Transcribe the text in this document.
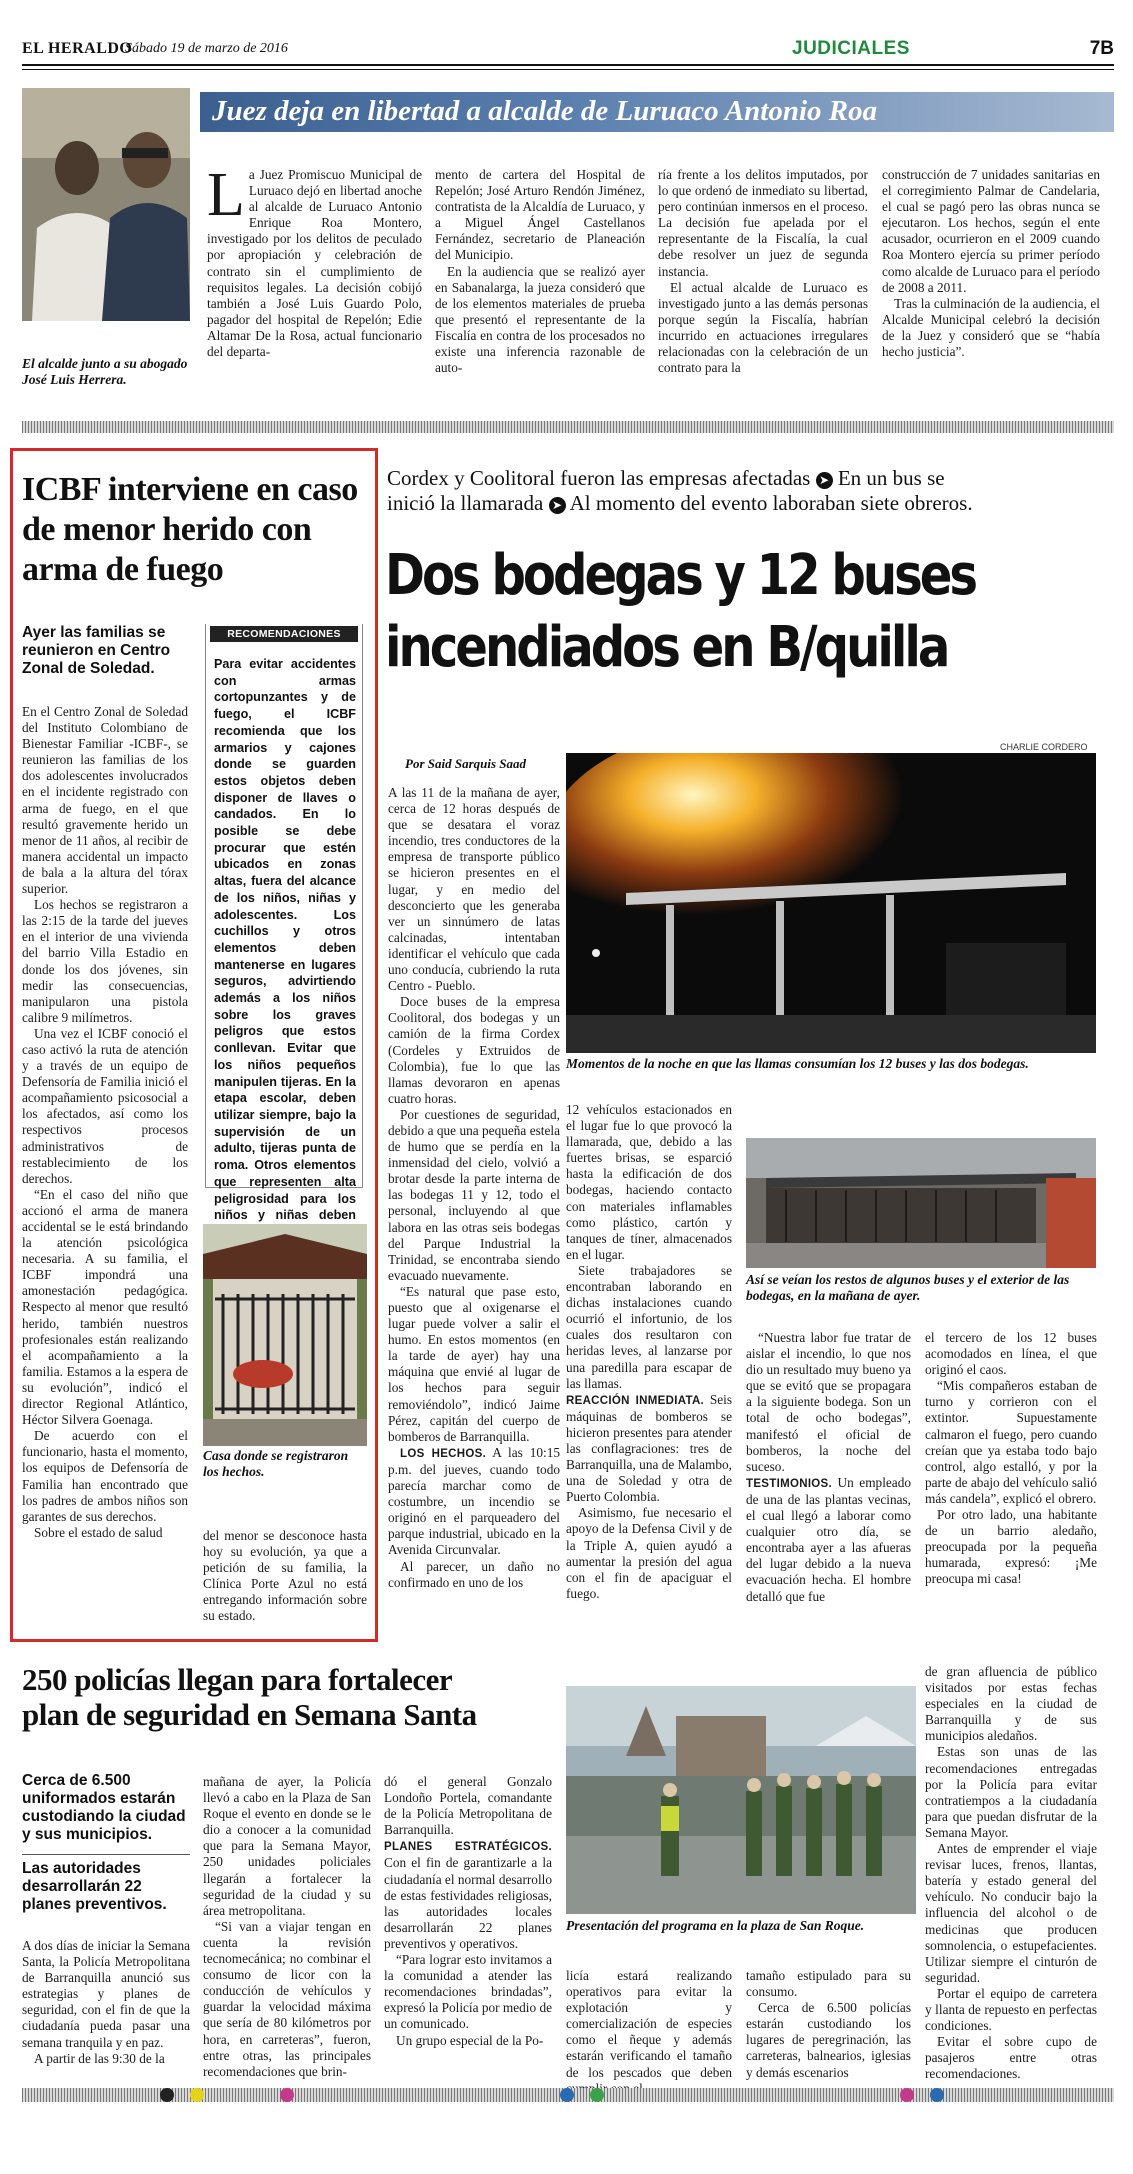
EL HERALDO
Sábado 19 de marzo de 2016	JUDICIALES	7B
El alcalde junto a su abogado José Luis Herrera.
Juez deja en libertad a alcalde de Luruaco Antonio Roa
L a Juez Promiscuo Municipal de Luruaco dejó en libertad anoche al alcalde de Luruaco Antonio Enrique Roa Montero, investigado por los delitos de peculado por apropiación y celebración de contrato sin el cumplimiento de requisitos legales. La decisión cobijó también a José Luis Guardo Polo, pagador del hospital de Repelón; Edie Altamar De la Rosa, actual funcionario del departa-

mento de cartera del Hospital de Repelón; José Arturo Rendón Jiménez, contratista de la Alcaldía de Luruaco, y a Miguel Ángel Castellanos Fernández, secretario de Planeación del Municipio.

En la audiencia que se realizó ayer en Sabanalarga, la jueza consideró que de los elementos materiales de prueba que presentó el representante de la Fiscalía en contra de los procesados no existe una inferencia razonable de auto-

ría frente a los delitos imputados, por lo que ordenó de inmediato su libertad, pero continúan inmersos en el proceso. La decisión fue apelada por el representante de la Fiscalía, la cual debe resolver un juez de segunda instancia.

El actual alcalde de Luruaco es investigado junto a las demás personas porque según la Fiscalía, habrían incurrido en actuaciones irregulares relacionadas con la celebración de un contrato para la

construcción de 7 unidades sanitarias en el corregimiento Palmar de Candelaria, el cual se pagó pero las obras nunca se ejecutaron. Los hechos, según el ente acusador, ocurrieron en el 2009 cuando Roa Montero ejercía su primer período como alcalde de Luruaco para el período de 2008 a 2011.

Tras la culminación de la audiencia, el Alcalde Municipal celebró la decisión de la Juez y consideró que se “había hecho justicia”.

ICBF interviene en caso de menor herido con arma de fuego
Ayer las familias se reunieron en Centro Zonal de Soledad.

En el Centro Zonal de Soledad del Instituto Colombiano de Bienestar Familiar -ICBF-, se reunieron las familias de los dos adolescentes involucrados en el incidente registrado con arma de fuego, en el que resultó gravemente herido un menor de 11 años, al recibir de manera accidental un impacto de bala a la altura del tórax superior.

Los hechos se registraron a las 2:15 de la tarde del jueves en el interior de una vivienda del barrio Villa Estadio en donde los dos jóvenes, sin medir las consecuencias, manipularon una pistola calibre 9 milímetros.

Una vez el ICBF conoció el caso activó la ruta de atención y a través de un equipo de Defensoría de Familia inició el acompañamiento psicosocial a los afectados, así como los respectivos procesos administrativos de restablecimiento de los derechos.

“En el caso del niño que accionó el arma de manera accidental se le está brindando la atención psicológica necesaria. A su familia, el ICBF impondrá una amonestación pedagógica. Respecto al menor que resultó herido, también nuestros profesionales están realizando el acompañamiento a la familia. Estamos a la espera de su evolución”, indicó el director Regional Atlántico, Héctor Silvera Goenaga.

De acuerdo con el funcionario, hasta el momento, los equipos de Defensoría de Familia han encontrado que los padres de ambos niños son garantes de sus derechos.

Sobre el estado de salud

RECOMENDACIONES
Para evitar accidentes con armas cortopunzantes y de fuego, el ICBF recomienda que los armarios y cajones donde se guarden estos objetos deben disponer de llaves o candados. En lo posible se debe procurar que estén ubicados en zonas altas, fuera del alcance de los niños, niñas y adolescentes. Los cuchillos y otros elementos deben mantenerse en lugares seguros, advirtiendo además a los niños sobre los graves peligros que estos conllevan. Evitar que los niños pequeños manipulen tijeras. En la etapa escolar, deben utilizar siempre, bajo la supervisión de un adulto, tijeras punta de roma. Otros elementos que representen alta peligrosidad para los niños y niñas deben
Casa donde se registraron los hechos.

del menor se desconoce hasta hoy su evolución, ya que a petición de su familia, la Clínica Porte Azul no está entregando información sobre su estado.

Cordex y Coolitoral fueron las empresas afectadas ➤ En un bus se
inició la llamarada ➤ Al momento del evento laboraban siete obreros.
Dos bodegas y 12 buses
incendiados en B/quilla
CHARLIE CORDERO
Por Said Sarquis Saad
Momentos de la noche en que las llamas consumían los 12 buses y las dos bodegas.

A las 11 de la mañana de ayer, cerca de 12 horas después de que se desatara el voraz incendio, tres conductores de la empresa de transporte público se hicieron presentes en el lugar, y en medio del desconcierto que les generaba ver un sinnúmero de latas calcinadas, intentaban identificar el vehículo que cada uno conducía, cubriendo la ruta Centro - Pueblo.

Doce buses de la empresa Coolitoral, dos bodegas y un camión de la firma Cordex (Cordeles y Extruidos de Colombia), fue lo que las llamas devoraron en apenas cuatro horas.

Por cuestiones de seguridad, debido a que una pequeña estela de humo que se perdía en la inmensidad del cielo, volvió a brotar desde la parte interna de las bodegas 11 y 12, todo el personal, incluyendo al que labora en las otras seis bodegas del Parque Industrial la Trinidad, se encontraba siendo evacuado nuevamente.

“Es natural que pase esto, puesto que al oxigenarse el lugar puede volver a salir el humo. En estos momentos (en la tarde de ayer) hay una máquina que envié al lugar de los hechos para seguir removiéndolo”, indicó Jaime Pérez, capitán del cuerpo de bomberos de Barranquilla.

LOS HECHOS. A las 10:15 p.m. del jueves, cuando todo parecía marchar como de costumbre, un incendio se originó en el parqueadero del parque industrial, ubicado en la Avenida Circunvalar.

Al parecer, un daño no confirmado en uno de los

12 vehículos estacionados en el lugar fue lo que provocó la llamarada, que, debido a las fuertes brisas, se esparció hasta la edificación de dos bodegas, haciendo contacto con materiales inflamables como plástico, cartón y tanques de tíner, almacenados en el lugar.

Siete trabajadores se encontraban laborando en dichas instalaciones cuando ocurrió el infortunio, de los cuales dos resultaron con heridas leves, al lanzarse por una paredilla para escapar de las llamas.

REACCIÓN INMEDIATA. Seis máquinas de bomberos se hicieron presentes para atender las conflagraciones: tres de Barranquilla, una de Malambo, una de Soledad y otra de Puerto Colombia.

Asimismo, fue necesario el apoyo de la Defensa Civil y de la Triple A, quien ayudó a aumentar la presión del agua con el fin de apaciguar el fuego.

Así se veían los restos de algunos buses y el exterior de las bodegas, en la mañana de ayer.

“Nuestra labor fue tratar de aislar el incendio, lo que nos dio un resultado muy bueno ya que se evitó que se propagara a la siguiente bodega. Son un total de ocho bodegas”, manifestó el oficial de bomberos, la noche del suceso.

TESTIMONIOS. Un empleado de una de las plantas vecinas, el cual llegó a laborar como cualquier otro día, se encontraba ayer a las afueras del lugar debido a la nueva evacuación hecha. El hombre detalló que fue

el tercero de los 12 buses acomodados en línea, el que originó el caos.

“Mis compañeros estaban de turno y corrieron con el extintor. Supuestamente calmaron el fuego, pero cuando creían que ya estaba todo bajo control, algo estalló, y por la parte de abajo del vehículo salió más candela”, explicó el obrero.

Por otro lado, una habitante de un barrio aledaño, preocupada por la pequeña humarada, expresó: ¡Me preocupa mi casa!

250 policías llegan para fortalecer
plan de seguridad en Semana Santa
Cerca de 6.500 uniformados estarán custodiando la ciudad y sus municipios.
Las autoridades desarrollarán 22 planes preventivos.

A dos días de iniciar la Semana Santa, la Policía Metropolitana de Barranquilla anunció sus estrategias y planes de seguridad, con el fin de que la ciudadanía pueda pasar una semana tranquila y en paz.

A partir de las 9:30 de la

mañana de ayer, la Policía llevó a cabo en la Plaza de San Roque el evento en donde se le dio a conocer a la comunidad que para la Semana Mayor, 250 unidades policiales llegarán a fortalecer la seguridad de la ciudad y su área metropolitana.

“Si van a viajar tengan en cuenta la revisión tecnomecánica; no combinar el consumo de licor con la conducción de vehículos y guardar la velocidad máxima que sería de 80 kilómetros por hora, en carreteras”, fueron, entre otras, las principales recomendaciones que brin-

dó el general Gonzalo Londoño Portela, comandante de la Policía Metropolitana de Barranquilla.

PLANES ESTRATÉGICOS. Con el fin de garantizarle a la ciudadanía el normal desarrollo de estas festividades religiosas, las autoridades locales desarrollarán 22 planes preventivos y operativos.

“Para lograr esto invitamos a la comunidad a atender las recomendaciones brindadas”, expresó la Policía por medio de un comunicado.

Un grupo especial de la Po-

Presentación del programa en la plaza de San Roque.

licía estará realizando operativos para evitar la explotación y comercialización de especies como el ñeque y además estarán verificando el tamaño de los pescados que deben

tamaño estipulado para su consumo.

Cerca de 6.500 policías estarán custodiando los lugares de peregrinación, las carreteras, balnearios, iglesias y demás escenarios

de gran afluencia de público visitados por estas fechas especiales en la ciudad de Barranquilla y de sus municipios aledaños.

Estas son unas de las recomendaciones entregadas por la Policía para evitar contratiempos a la ciudadanía para que puedan disfrutar de la Semana Mayor.

Antes de emprender el viaje revisar luces, frenos, llantas, batería y estado general del vehículo. No conducir bajo la influencia del alcohol o de medicinas que producen somnolencia, o estupefacientes. Utilizar siempre el cinturón de seguridad.

Portar el equipo de carretera y llanta de repuesto en perfectas condiciones.

Evitar el sobre cupo de pasajeros entre otras recomendaciones.
